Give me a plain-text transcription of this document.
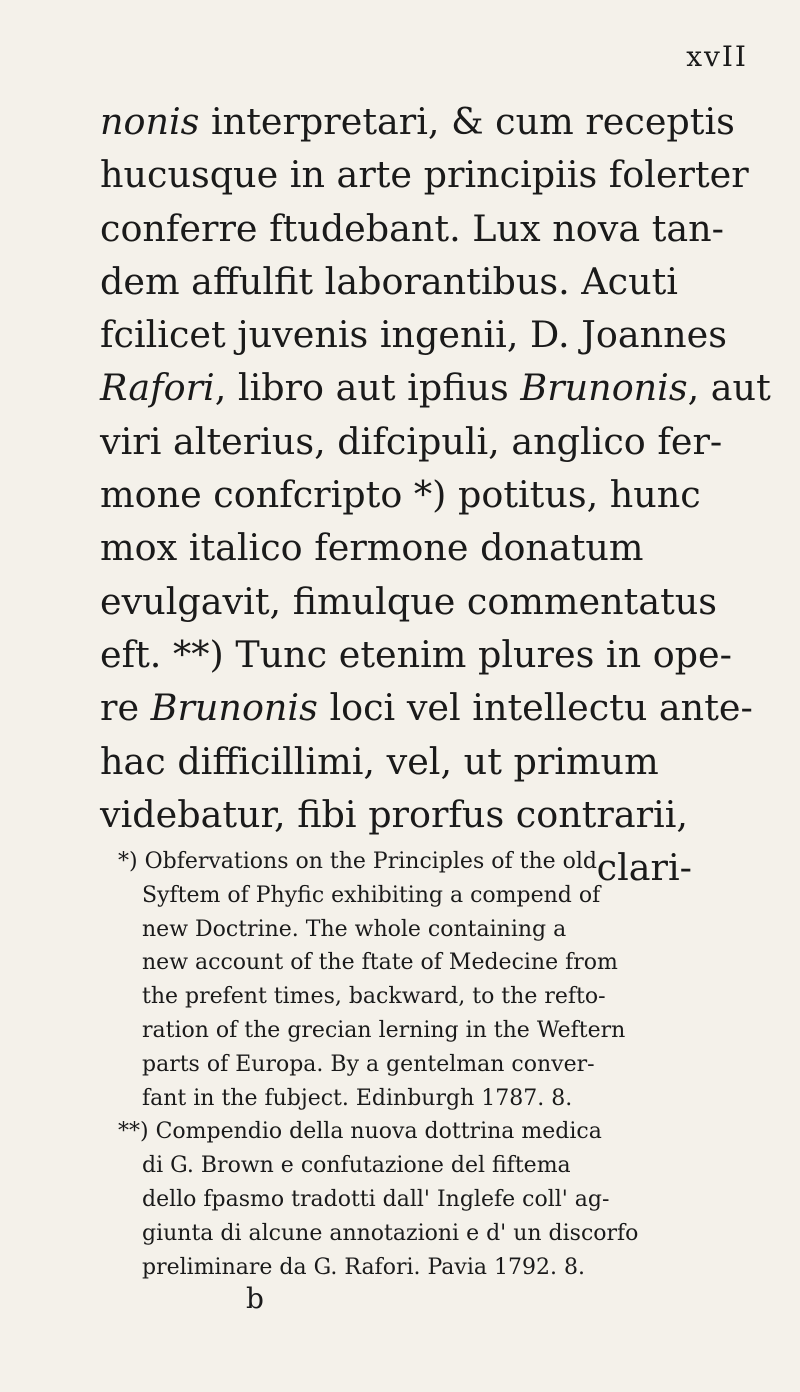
xvII
nonis interpretari, & cum receptis
hucusque in arte principiis folerter
conferre ftudebant. Lux nova tan-
dem affulfit laborantibus. Acuti
fcilicet juvenis ingenii, D. Joannes
Rafori, libro aut ipfius Brunonis, aut
viri alterius, difcipuli, anglico fer-
mone confcripto *) potitus, hunc
mox italico fermone donatum
evulgavit, fimulque commentatus
eft. **) Tunc etenim plures in ope-
re Brunonis loci vel intellectu ante-
hac difficillimi, vel, ut primum
videbatur, fibi prorfus contrarii,
clari-
*) Obfervations on the Principles of the old
Syftem of Phyfic exhibiting a compend of
new Doctrine. The whole containing a
new account of the ftate of Medecine from
the prefent times, backward, to the refto-
ration of the grecian lerning in the Weftern
parts of Europa. By a gentelman conver-
fant in the fubject. Edinburgh 1787. 8.
**) Compendio della nuova dottrina medica
di G. Brown e confutazione del fiftema
dello fpasmo tradotti dall' Inglefe coll' ag-
giunta di alcune annotazioni e d' un discorfo
preliminare da G. Rafori. Pavia 1792. 8.
b
